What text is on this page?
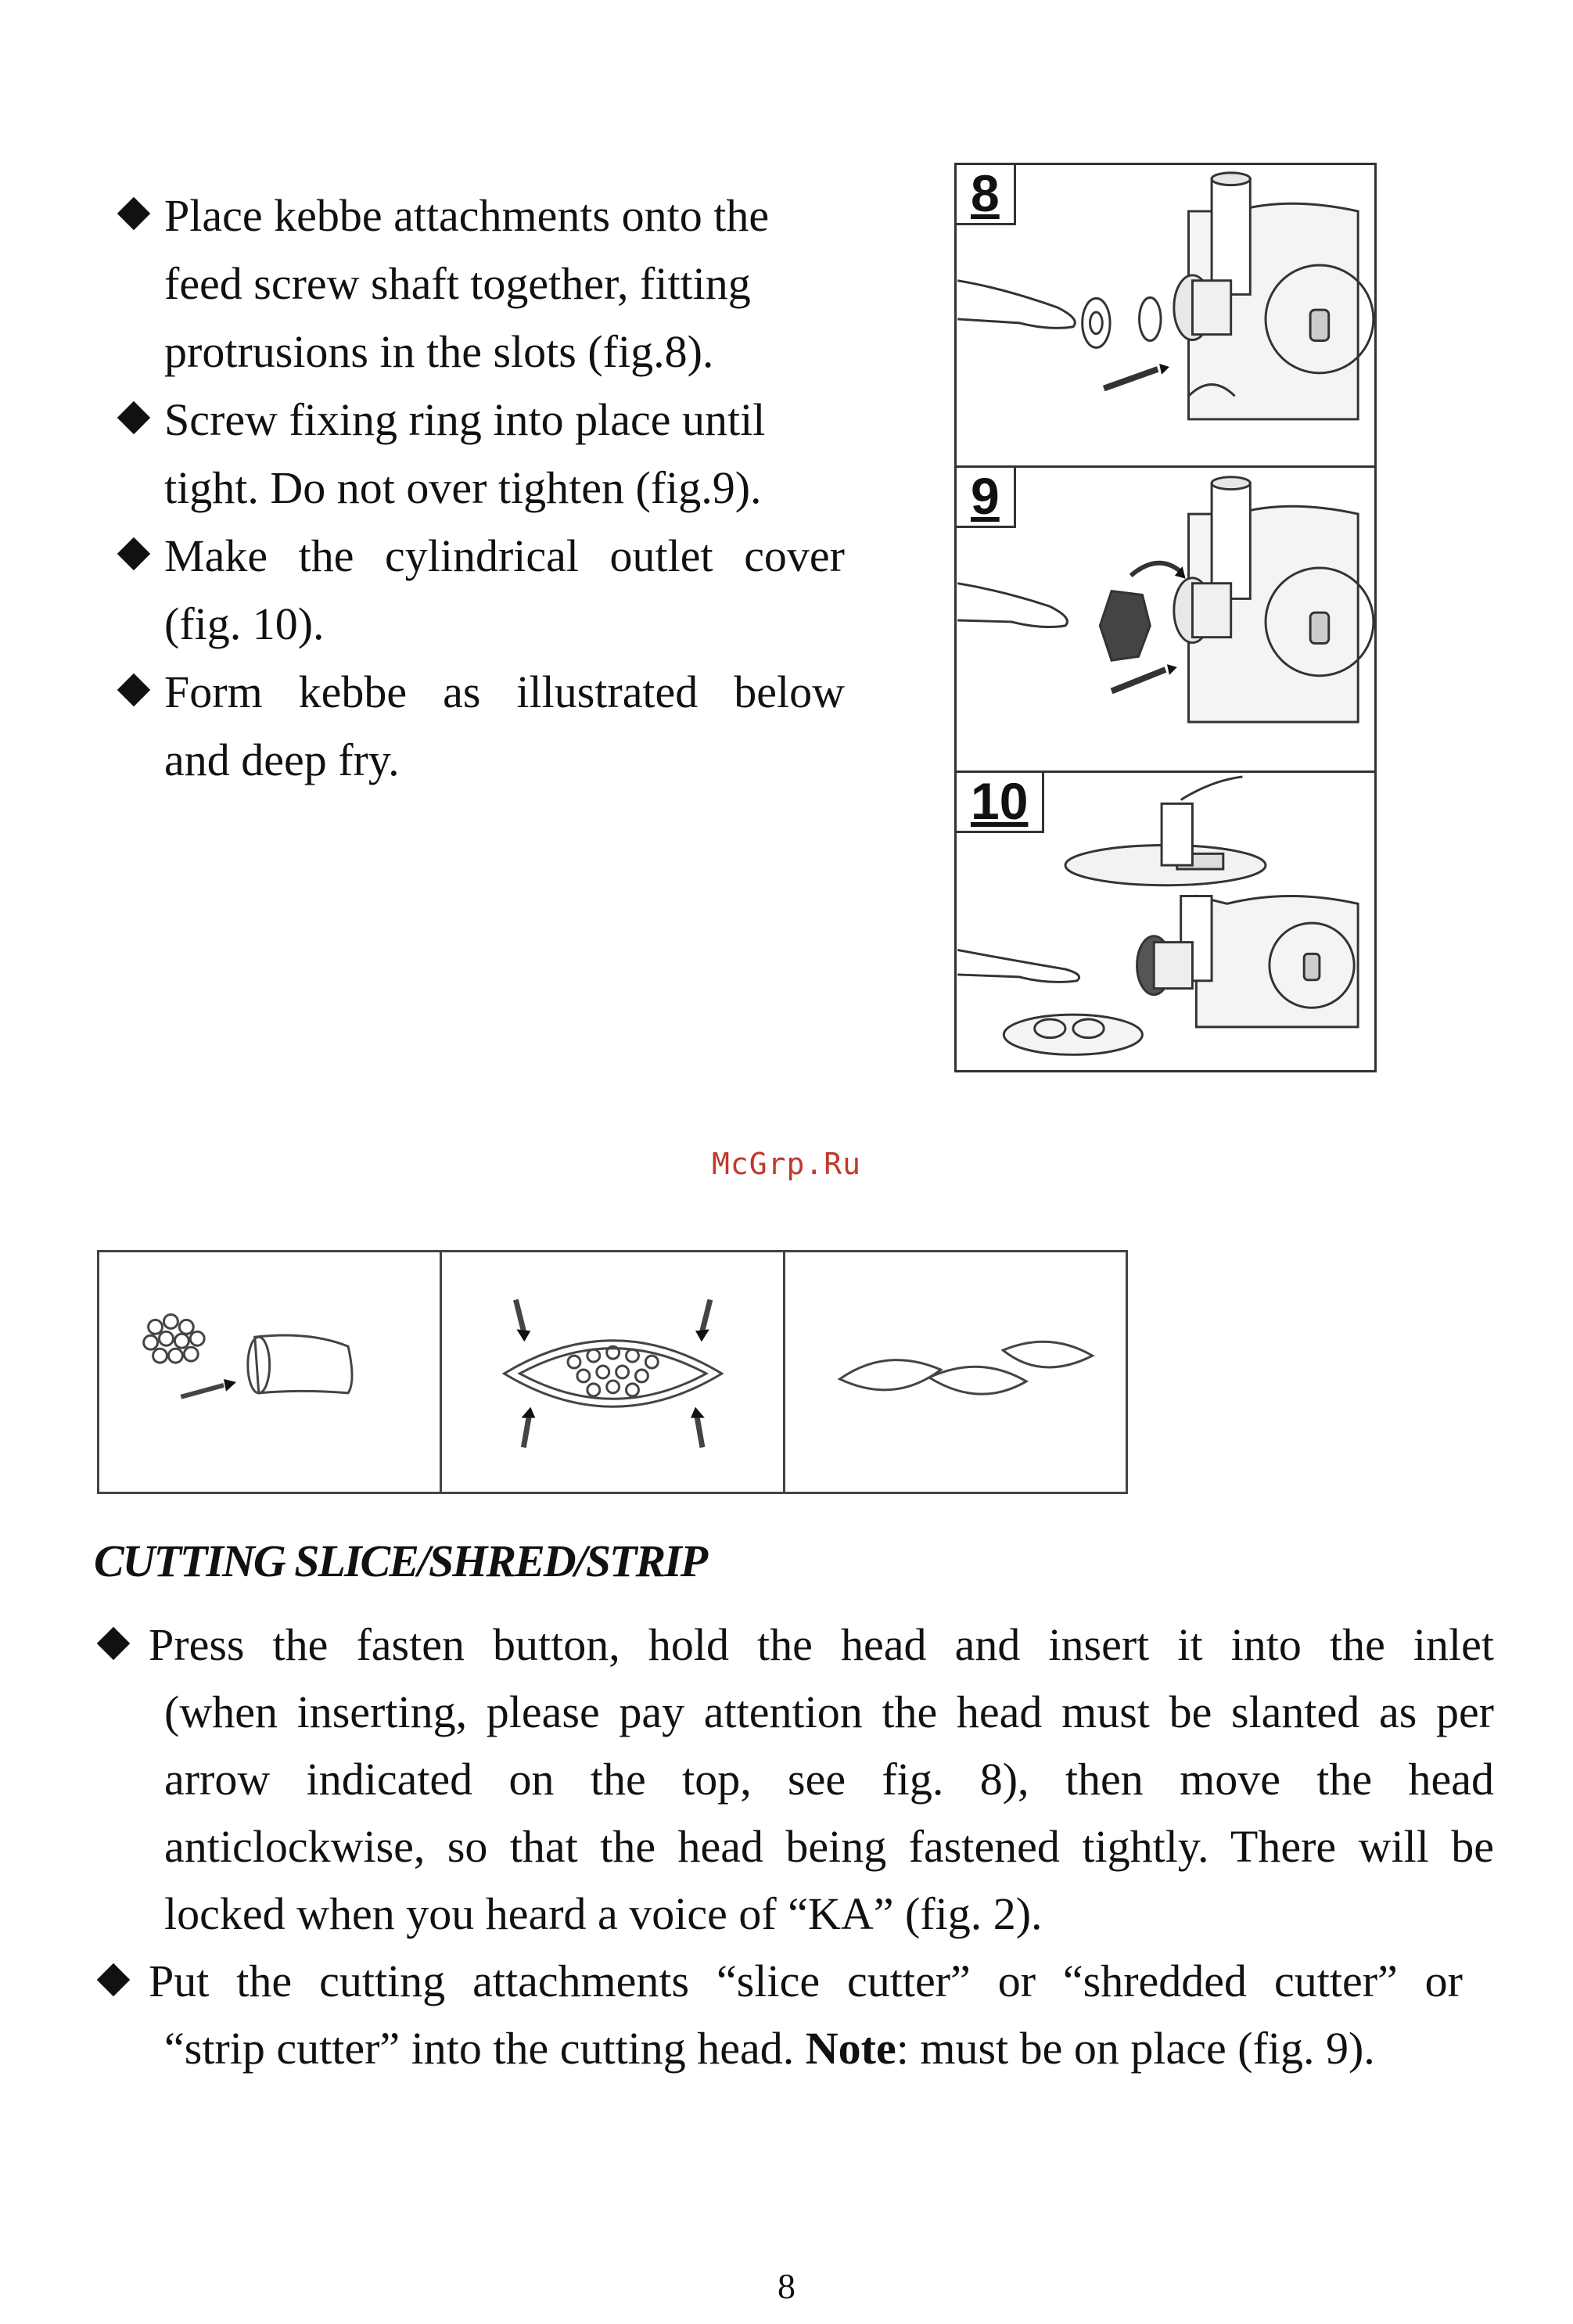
Place kebbe attachments onto the
feed screw shaft together, fitting
protrusions in the slots (fig.8).
Screw fixing ring into place until
tight. Do not over tighten (fig.9).
Make the cylindrical outlet cover
(fig. 10).
Form kebbe as illustrated below
and deep fry.
8
9
10
McGrp.Ru
CUTTING SLICE/SHRED/STRIP
Press the fasten button, hold the head and insert it into the inlet
(when inserting, please pay attention the head must be slanted as per
arrow indicated on the top, see fig. 8), then move the head
anticlockwise, so that the head being fastened tightly. There will be
locked when you heard a voice of “KA” (fig. 2).
Put the cutting attachments “slice cutter” or “shredded cutter” or
“strip cutter” into the cutting head. Note: must be on place (fig. 9).
8
